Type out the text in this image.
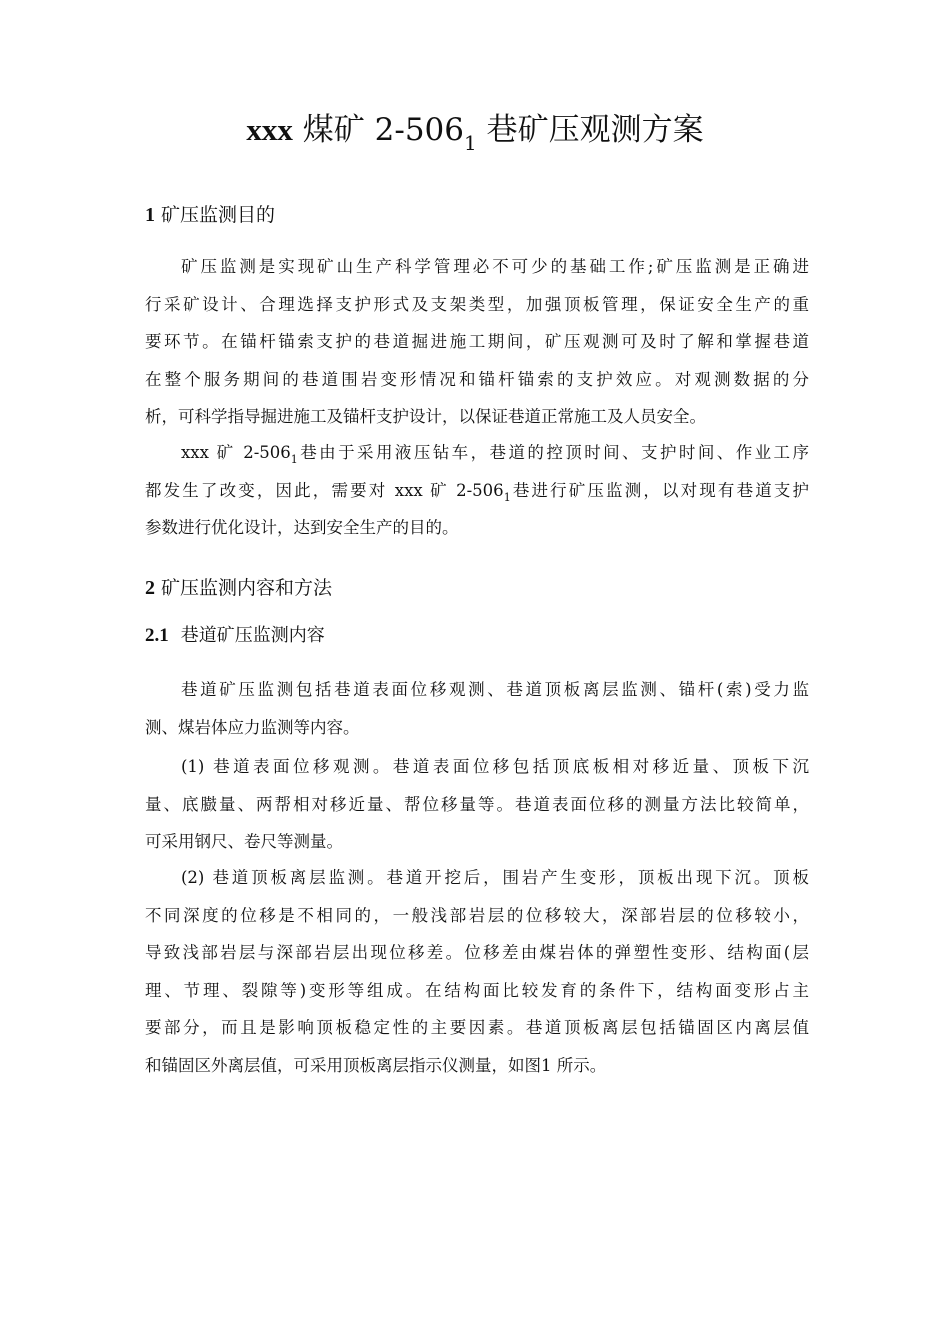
xxx 煤矿 $2-506_1$ 巷矿压观测方案
1 矿压监测目的
矿压监测是实现矿山生产科学管理必不可少的基础工作;矿压监测是正确进
行采矿设计、合理选择支护形式及支架类型，加强顶板管理，保证安全生产的重
要环节。在锚杆锚索支护的巷道掘进施工期间，矿压观测可及时了解和掌握巷道
在整个服务期间的巷道围岩变形情况和锚杆锚索的支护效应。对观测数据的分
析，可科学指导掘进施工及锚杆支护设计，以保证巷道正常施工及人员安全。
xxx 矿 $2-506_1$巷由于采用液压钻车，巷道的控顶时间、支护时间、作业工序
都发生了改变，因此，需要对 xxx 矿 $2-506_1$巷进行矿压监测，以对现有巷道支护
参数进行优化设计，达到安全生产的目的。
2 矿压监测内容和方法
2.1 巷道矿压监测内容
巷道矿压监测包括巷道表面位移观测、巷道顶板离层监测、锚杆(索)受力监
测、煤岩体应力监测等内容。
(1) 巷道表面位移观测。巷道表面位移包括顶底板相对移近量、顶板下沉
量、底臌量、两帮相对移近量、帮位移量等。巷道表面位移的测量方法比较简单，
可采用钢尺、卷尺等测量。
(2) 巷道顶板离层监测。巷道开挖后，围岩产生变形，顶板出现下沉。顶板
不同深度的位移是不相同的，一般浅部岩层的位移较大，深部岩层的位移较小，
导致浅部岩层与深部岩层出现位移差。位移差由煤岩体的弹塑性变形、结构面(层
理、节理、裂隙等)变形等组成。在结构面比较发育的条件下，结构面变形占主
要部分，而且是影响顶板稳定性的主要因素。巷道顶板离层包括锚固区内离层值
和锚固区外离层值，可采用顶板离层指示仪测量，如图1 所示。
